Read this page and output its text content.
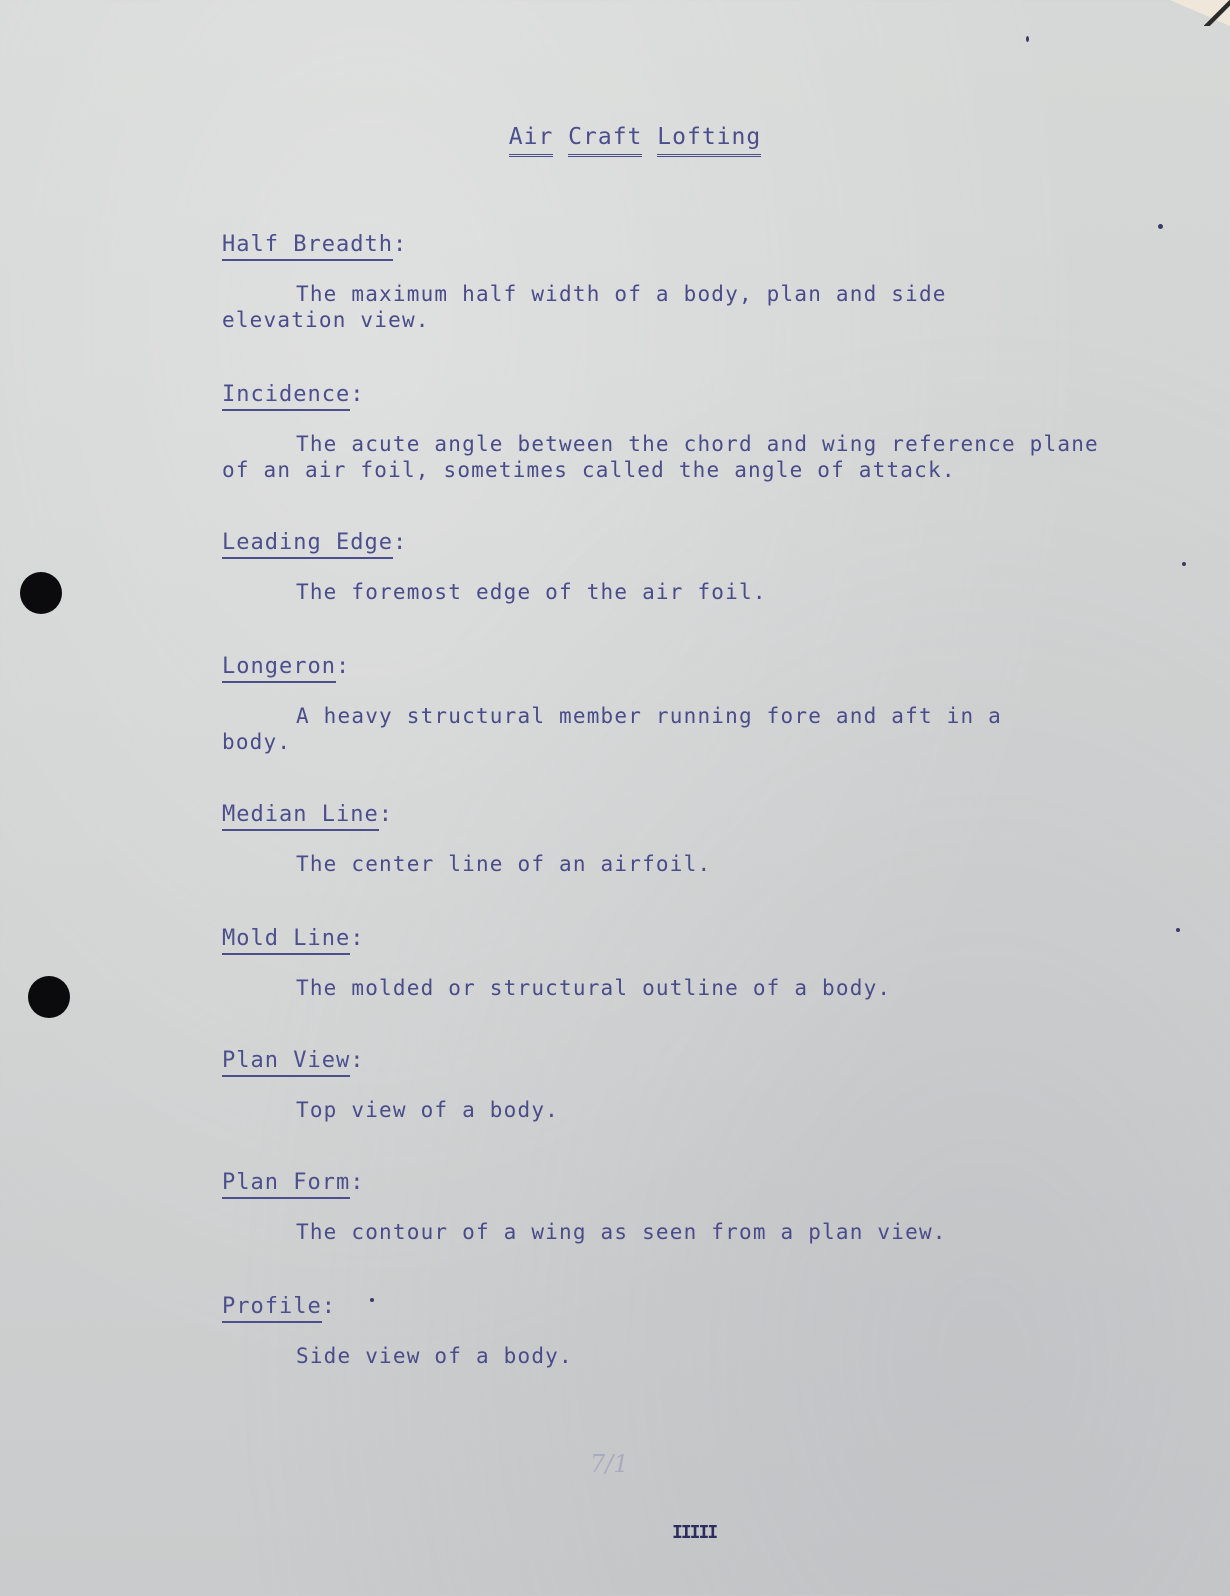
Air Craft Lofting
Half Breadth:
The maximum half width of a body, plan and side elevation view.
Incidence:
The acute angle between the chord and wing reference plane of an air foil, sometimes called the angle of attack.
Leading Edge:
The foremost edge of the air foil.
Longeron:
A heavy structural member running fore and aft in a body.
Median Line:
The center line of an airfoil.
Mold Line:
The molded or structural outline of a body.
Plan View:
Top view of a body.
Plan Form:
The contour of a wing as seen from a plan view.
Profile:
Side view of a body.
7/1
IIIII
